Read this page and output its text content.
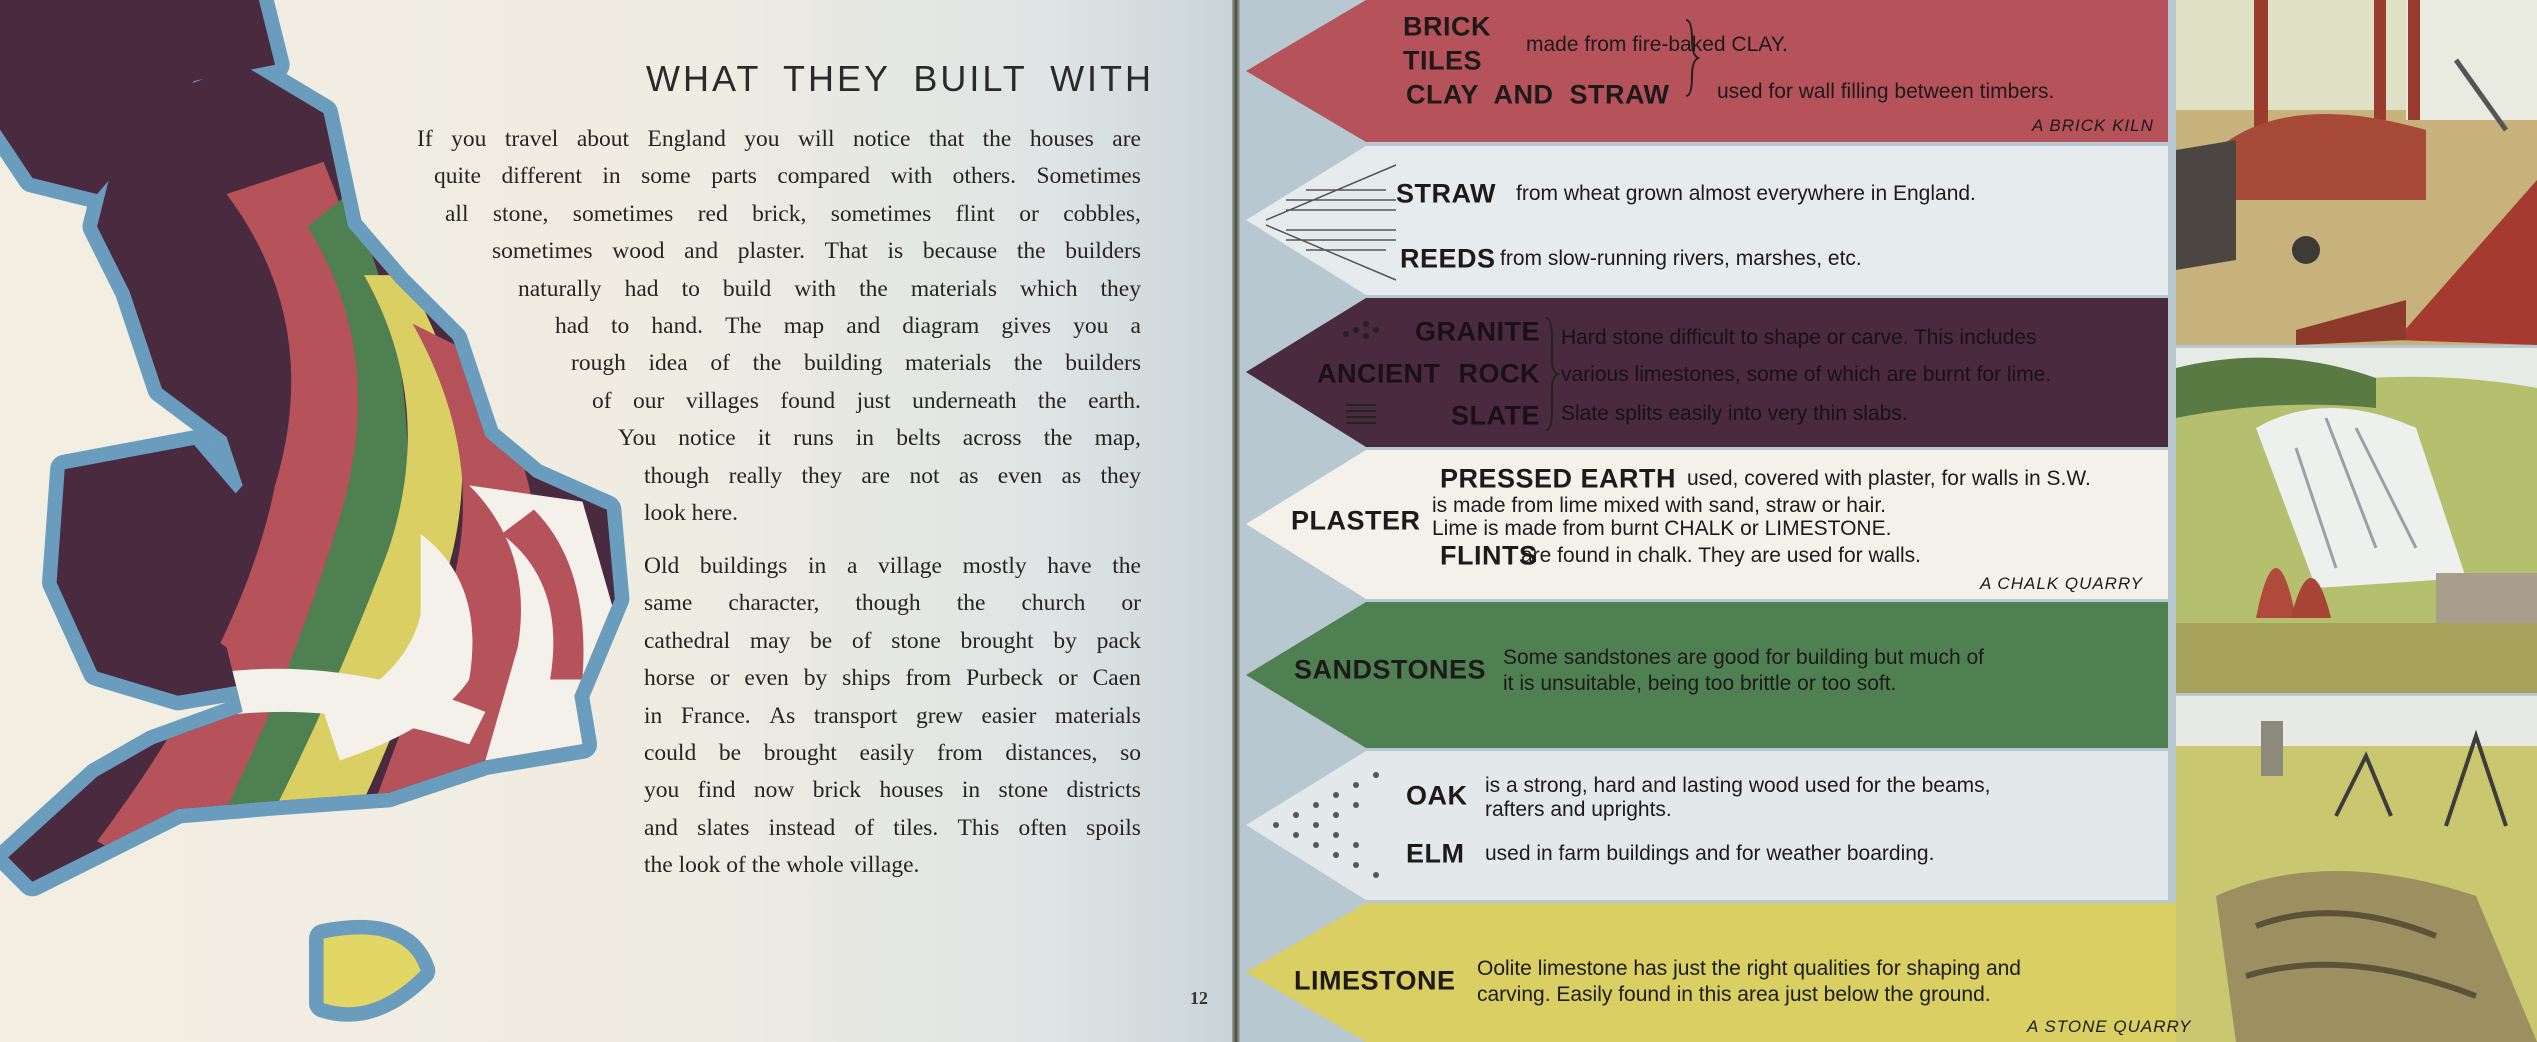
WHAT THEY BUILT WITH
If you travel about England you will notice that the houses are
quite different in some parts compared with others. Sometimes
all stone, sometimes red brick, sometimes flint or cobbles,
sometimes wood and plaster. That is because the builders
naturally had to build with the materials which they
had to hand. The map and diagram gives you a
rough idea of the building materials the builders
of our villages found just underneath the earth.
You notice it runs in belts across the map,
though really they are not as even as they
look here.
Old buildings in a village mostly have the
same character, though the church or
cathedral may be of stone brought by pack
horse or even by ships from Purbeck or Caen
in France. As transport grew easier materials
could be brought easily from distances, so
you find now brick houses in stone districts
and slates instead of tiles. This often spoils
the look of the whole village.
12
BRICK
TILES
made from fire-baked CLAY.
CLAY AND STRAW used for wall filling between timbers.
A BRICK KILN
STRAW from wheat grown almost everywhere in England.
REEDS from slow-running rivers, marshes, etc.
GRANITE
ANCIENT ROCK
SLATE
Hard stone difficult to shape or carve. This includes
various limestones, some of which are burnt for lime.
Slate splits easily into very thin slabs.
PRESSED EARTH used, covered with plaster, for walls in S.W.
PLASTER is made from lime mixed with sand, straw or hair.
Lime is made from burnt CHALK or LIMESTONE.
FLINTS
are found in chalk. They are used for walls.
A CHALK QUARRY
SANDSTONES Some sandstones are good for building but much of
it is unsuitable, being too brittle or too soft.
OAK is a strong, hard and lasting wood used for the beams,
rafters and uprights.
ELM used in farm buildings and for weather boarding.
LIMESTONE Oolite limestone has just the right qualities for shaping and
carving. Easily found in this area just below the ground.
A STONE QUARRY
